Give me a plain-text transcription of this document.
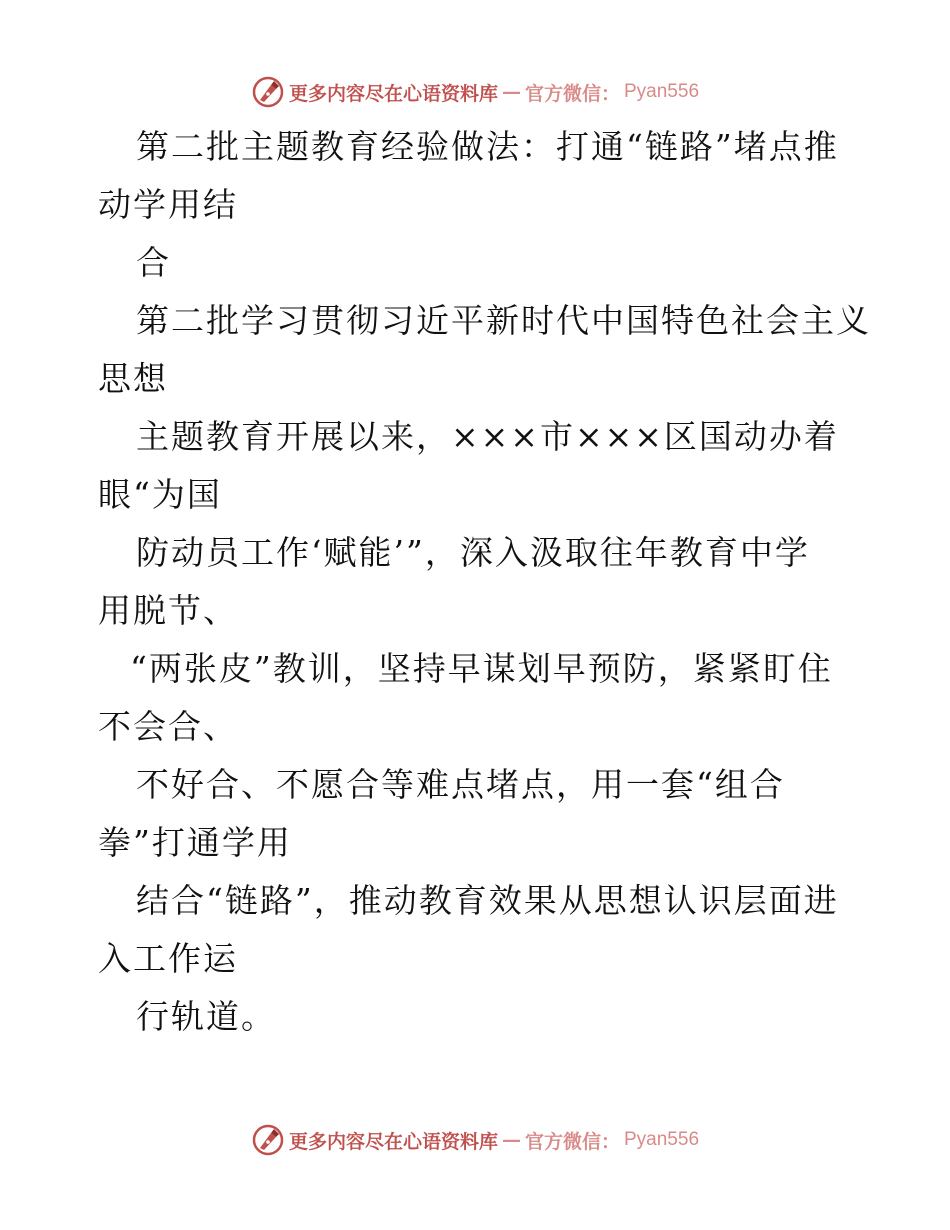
更多内容尽在心语资料库 — 官方微信： Pyan556
第二批主题教育经验做法：打通“链路”堵点推
动学用结
合
第二批学习贯彻习近平新时代中国特色社会主义
思想
主题教育开展以来，×××市×××区国动办着
眼“为国
防动员工作‘赋能’”，深入汲取往年教育中学
用脱节、
“两张皮”教训，坚持早谋划早预防，紧紧盯住
不会合、
不好合、不愿合等难点堵点，用一套“组合
拳”打通学用
结合“链路”，推动教育效果从思想认识层面进
入工作运
行轨道。
更多内容尽在心语资料库 — 官方微信： Pyan556
